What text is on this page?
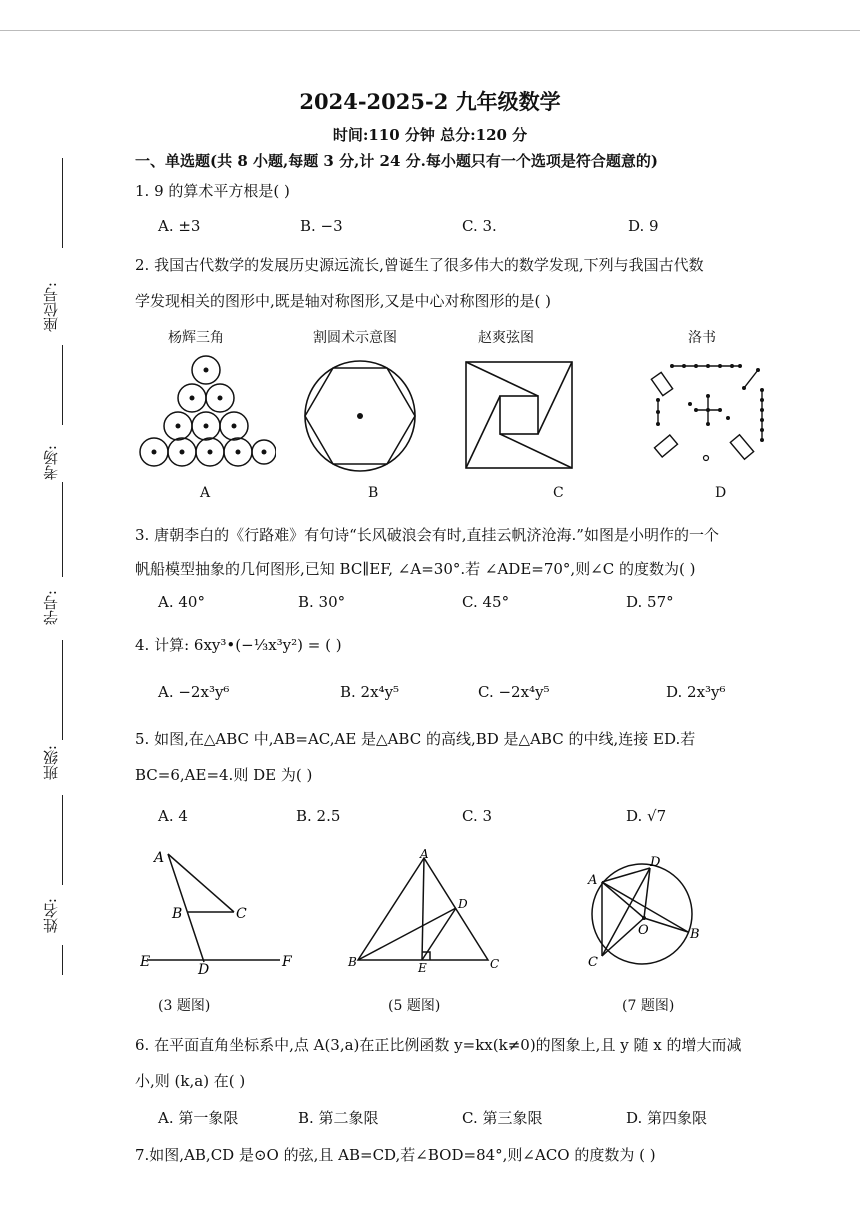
座位号:
考场:
学号:
班级:
姓名:
2024-2025-2 九年级数学
时间:110 分钟 总分:120 分
一、单选题(共 8 小题,每题 3 分,计 24 分.每小题只有一个选项是符合题意的)
1. 9 的算术平方根是( )
A. ±3	B. −3	C. 3.	D. 9
2. 我国古代数学的发展历史源远流长,曾诞生了很多伟大的数学发现,下列与我国古代数
学发现相关的图形中,既是轴对称图形,又是中心对称图形的是( )
杨辉三角	割圆术示意图	赵爽弦图	洛书
A	B	C	D
3. 唐朝李白的《行路难》有句诗“长风破浪会有时,直挂云帆济沧海.”如图是小明作的一个
帆船模型抽象的几何图形,已知 BC∥EF, ∠A=30°.若 ∠ADE=70°,则∠C 的度数为( )
A. 40°	B. 30°	C. 45°	D. 57°
4. 计算: 6xy³•(−⅓x³y²) = ( )
A. −2x³y⁶	B. 2x⁴y⁵	C. −2x⁴y⁵	D. 2x³y⁶
5. 如图,在△ABC 中,AB=AC,AE 是△ABC 的高线,BD 是△ABC 的中线,连接 ED.若
BC=6,AE=4.则 DE 为( )
A. 4	B. 2.5	C. 3	D. √7
A
B	C
E	D	F
A
B	C
D
E
A
D
B
C
O
(3 题图)	(5 题图)	(7 题图)
6. 在平面直角坐标系中,点 A(3,a)在正比例函数 y=kx(k≠0)的图象上,且 y 随 x 的增大而减
小,则 (k,a) 在( )
A. 第一象限	B. 第二象限	C. 第三象限	D. 第四象限
7.如图,AB,CD 是⊙O 的弦,且 AB=CD,若∠BOD=84°,则∠ACO 的度数为 ( )
